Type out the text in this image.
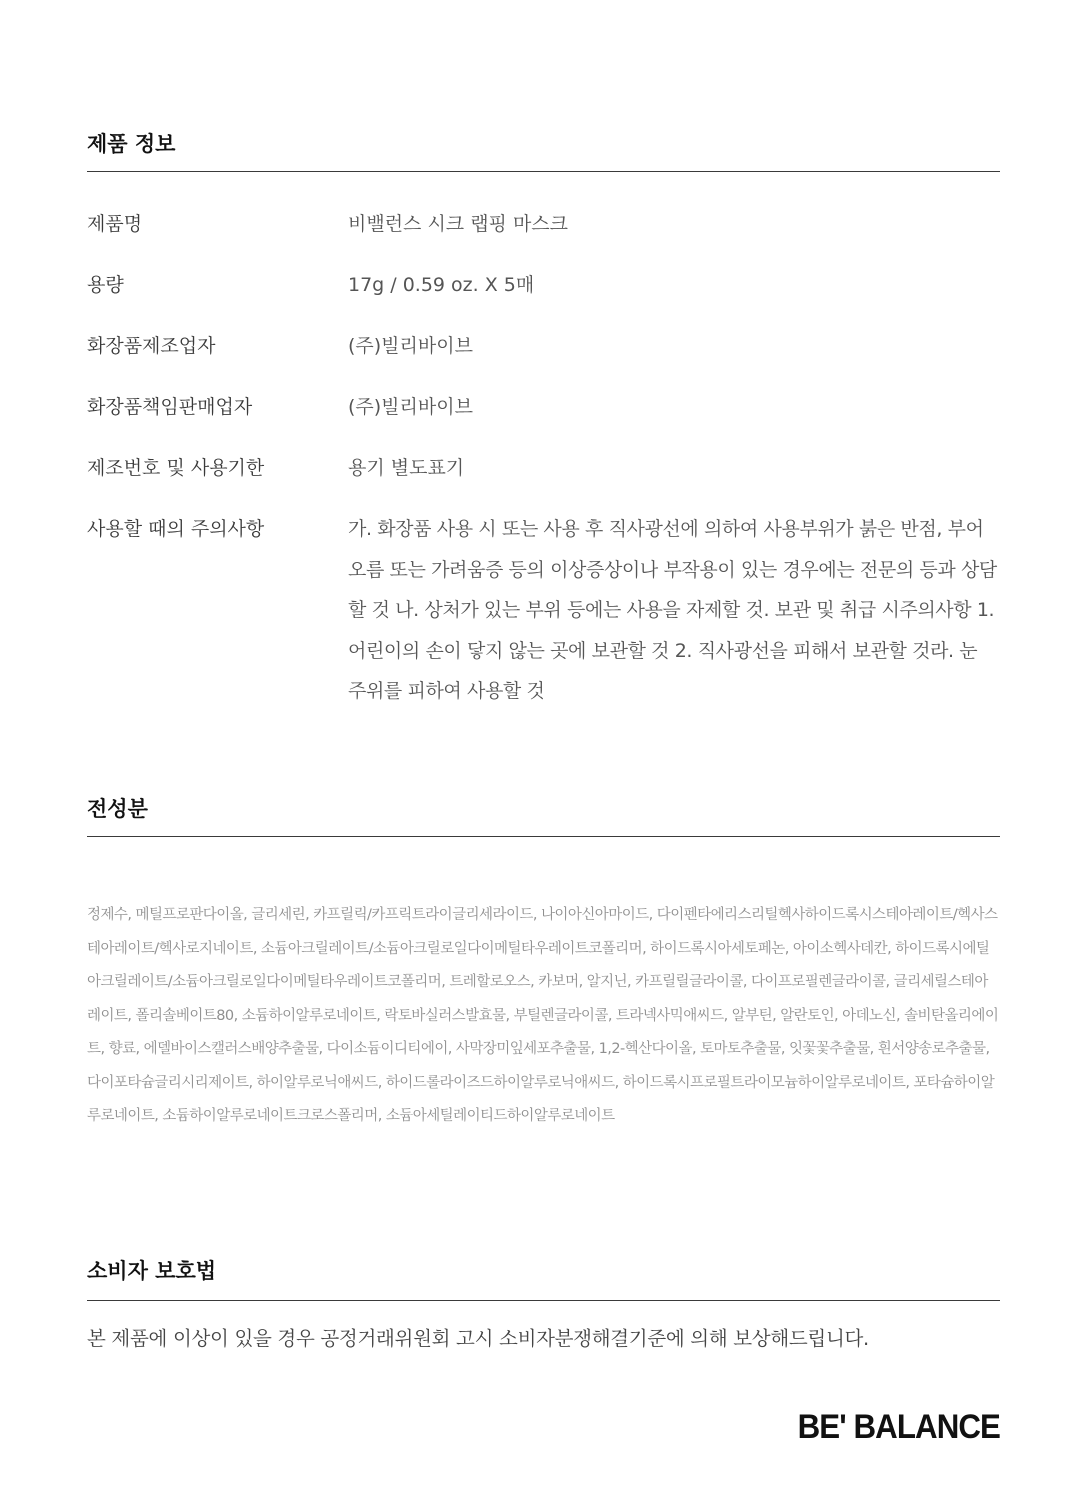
제품 정보
제품명	비밸런스 시크 랩핑 마스크
용량	17g / 0.59 oz. X 5매
화장품제조업자	(주)빌리바이브
화장품책임판매업자	(주)빌리바이브
제조번호 및 사용기한	용기 별도표기
사용할 때의 주의사항	가. 화장품 사용 시 또는 사용 후 직사광선에 의하여 사용부위가 붉은 반점, 부어오름 또는 가려움증 등의 이상증상이나 부작용이 있는 경우에는 전문의 등과 상담 할 것 나. 상처가 있는 부위 등에는 사용을 자제할 것. 보관 및 취급 시주의사항 1. 어린이의 손이 닿지 않는 곳에 보관할 것 2. 직사광선을 피해서 보관할 것라. 눈 주위를 피하여 사용할 것
전성분
정제수, 메틸프로판다이올, 글리세린, 카프릴릭/카프릭트라이글리세라이드, 나이아신아마이드, 다이펜타에리스리틸헥사하이드록시스테아레이트/헥사스테아레이트/헥사로지네이트, 소듐아크릴레이트/소듐아크릴로일다이메틸타우레이트코폴리머, 하이드록시아세토페논, 아이소헥사데칸, 하이드록시에틸아크릴레이트/소듐아크릴로일다이메틸타우레이트코폴리머, 트레할로오스, 카보머, 알지닌, 카프릴릴글라이콜, 다이프로필렌글라이콜, 글리세릴스테아레이트, 폴리솔베이트80, 소듐하이알루로네이트, 락토바실러스발효물, 부틸렌글라이콜, 트라넥사믹애씨드, 알부틴, 알란토인, 아데노신, 솔비탄올리에이트, 향료, 에델바이스캘러스배양추출물, 다이소듐이디티에이, 사막장미잎세포추출물, 1,2-헥산다이올, 토마토추출물, 잇꽃꽃추출물, 흰서양송로추출물, 다이포타슘글리시리제이트, 하이알루로닉애씨드, 하이드롤라이즈드하이알루로닉애씨드, 하이드록시프로필트라이모늄하이알루로네이트, 포타슘하이알루로네이트, 소듐하이알루로네이트크로스폴리머, 소듐아세틸레이티드하이알루로네이트
소비자 보호법
본 제품에 이상이 있을 경우 공정거래위원회 고시 소비자분쟁해결기준에 의해 보상해드립니다.
BE' BALANCE
